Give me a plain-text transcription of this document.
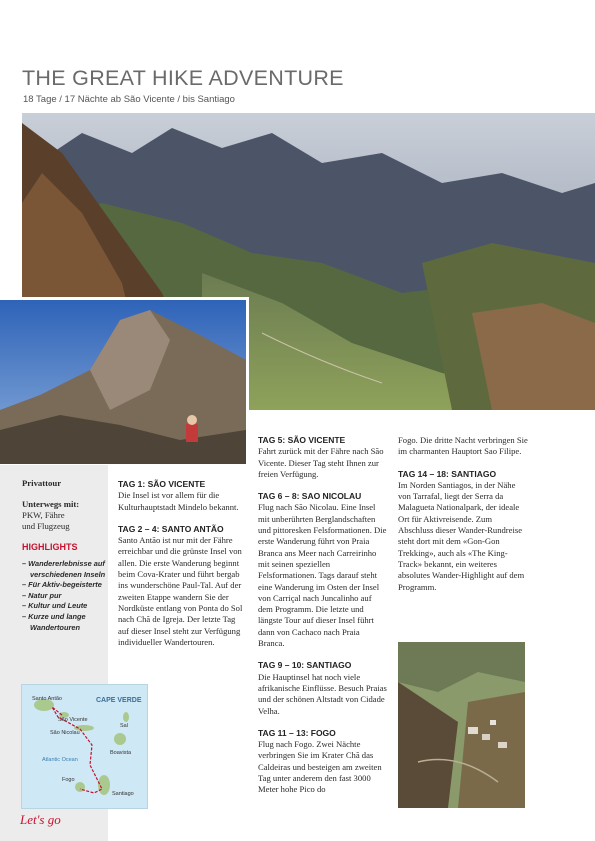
THE GREAT HIKE ADVENTURE
18 Tage / 17 Nächte ab São Vicente / bis Santiago

Privattour

Unterwegs mit:
PKW, Fähre
und Flugzeug
HIGHLIGHTS
– Wandererlebnisse auf verschiedenen Inseln
– Für Aktiv-begeisterte
– Natur pur
– Kultur und Leute
– Kurze und lange Wandertouren
Santo Antão
São Vicente
São Nicolau
Sal
Boavista
Atlantic Ocean
Fogo
Santiago
CAPE VERDE
Let's go
TAG 1: SÃO VICENTE
Die Insel ist vor allem für die Kulturhauptstadt Mindelo bekannt.
TAG 2 – 4: SANTO ANTÃO
Santo Antão ist nur mit der Fähre erreichbar und die grünste Insel von allen. Die erste Wanderung beginnt beim Cova-Krater und führt bergab ins wunderschöne Paul-Tal. Auf der zweiten Etappe wandern Sie der Nordküste entlang von Ponta do Sol nach Chã de Igreja. Der letzte Tag auf dieser Insel steht zur Verfügung individueller Wandertouren.
TAG 5: SÃO VICENTE
Fahrt zurück mit der Fähre nach São Vicente. Dieser Tag steht Ihnen zur freien Verfügung.
TAG 6 – 8: SAO NICOLAU
Flug nach São Nicolau. Eine Insel mit unberührten Berglandschaften und pittoresken Felsformationen. Die erste Wanderung führt von Praia Branca ans Meer nach Carreirinho mit seinen speziellen Felsformationen. Tags darauf steht eine Wanderung im Osten der Insel von Carriçal nach Juncalinho auf dem Programm. Die letzte und längste Tour auf dieser Insel führt dann von Cachaco nach Praia Branca.
TAG 9 – 10: SANTIAGO
Die Hauptinsel hat noch viele afrikanische Einflüsse. Besuch Praias und der schönen Altstadt von Cidade Velha.
TAG 11 – 13: FOGO
Flug nach Fogo. Zwei Nächte verbringen Sie im Krater Chã das Caldeiras und besteigen am zweiten Tag unter anderem den fast 3000 Meter hohe Pico do
Fogo. Die dritte Nacht verbringen Sie im charmanten Hauptort Sao Filipe.
TAG 14 – 18: SANTIAGO
Im Norden Santiagos, in der Nähe von Tarrafal, liegt der Serra da Malagueta Nationalpark, der ideale Ort für Aktivreisende. Zum Abschluss dieser Wander-Rundreise steht dort mit dem «Gon-Gon Trekking», auch als «The King-Track» bekannt, ein weiteres absolutes Wander-Highlight auf dem Programm.
